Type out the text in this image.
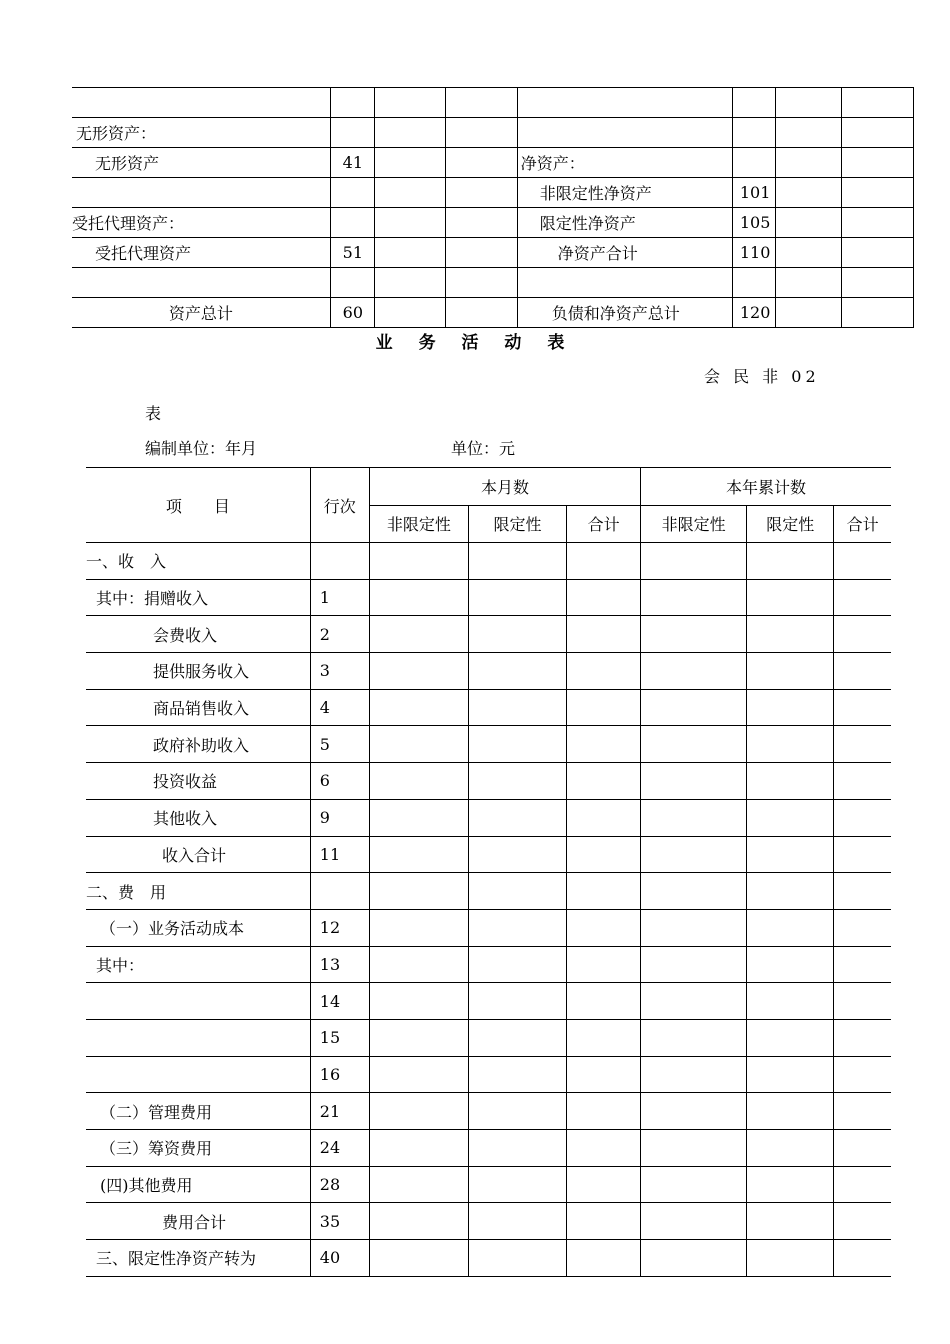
无形资产：							
无形资产	41			净资产：			
				非限定性净资产	101		
受托代理资产：				限定性净资产	105		
受托代理资产	51			净资产合计	110		

资产总计	60			负债和净资产总计	120		
业 务 活 动 表
会 民 非 02
表
编制单位：年月	单位：元
项　　目	行次	本月数			本年累计数		
		非限定性	限定性	合计	非限定性	限定性	合计
一、收　入							
其中：捐赠收入	1						
会费收入	2						
提供服务收入	3						
商品销售收入	4						
政府补助收入	5						
投资收益	6						
其他收入	9						
收入合计	11						
二、费　用							
（一）业务活动成本	12						
其中：	13						
	14						
	15						
	16						
（二）管理费用	21						
（三）筹资费用	24						
(四)其他费用	28						
费用合计	35						
三、限定性净资产转为	40						
